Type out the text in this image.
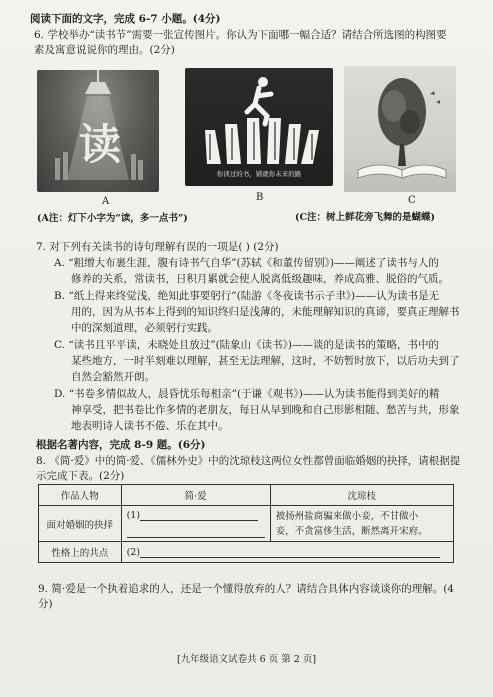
阅读下面的文字，完成 6-7 小题。(4分)
6. 学校举办“读书节”需要一张宣传图片。你认为下面哪一幅合适？请结合所选图的构图要
素及寓意说说你的理由。(2分)
读
A
你读过的书，铺就你未来的路
B	C
(A注：灯下小字为“读，多一点书”)	(C注：树上鲜花旁飞舞的是蝴蝶)
7. 对下列有关读书的诗句理解有误的一项是( ) (2分)
A. “粗缯大布裹生涯，腹有诗书气自华”(苏轼《和董传留别》)——阐述了读书与人的
修养的关系，常读书，日积月累就会使人脱离低级趣味，养成高雅、脱俗的气质。
B. “纸上得来终觉浅，绝知此事要躬行”(陆游《冬夜读书示子聿》)——认为读书是无
用的，因为从书本上得到的知识终归是浅薄的，未能理解知识的真谛，要真正理解书
中的深刻道理，必须躬行实践。
C. “读书且平平读，未晓处且放过”(陆象山《读书》)——谈的是读书的策略，书中的
某些地方，一时半刻难以理解，甚至无法理解，这时，不妨暂时放下，以后功夫到了
自然会豁然开朗。
D. “书卷多情似故人，晨昏忧乐每相亲”(于谦《观书》)——认为读书能得到美好的精
神享受，把书卷比作多情的老朋友，每日从早到晚和自己形影相随、愁苦与共，形象
地表明诗人读书不倦、乐在其中。
根据名著内容，完成 8-9 题。(6分)
8. 《简·爱》中的简·爱、《儒林外史》中的沈琼枝这两位女性都曾面临婚姻的抉择，请根据提
示完成下表。(2分)
作品人物	简·爱	沈琼枝
面对婚姻的抉择	(1)	被扬州盐商骗来做小妾，不甘做小
妾，不贪富侈生活，断然离开宋府。

性格上的共点	(2)	
9. 简·爱是一个执着追求的人，还是一个懂得放弃的人？请结合具体内容谈谈你的理解。(4
分)
[九年级语文试卷共 6 页 第 2 页]
